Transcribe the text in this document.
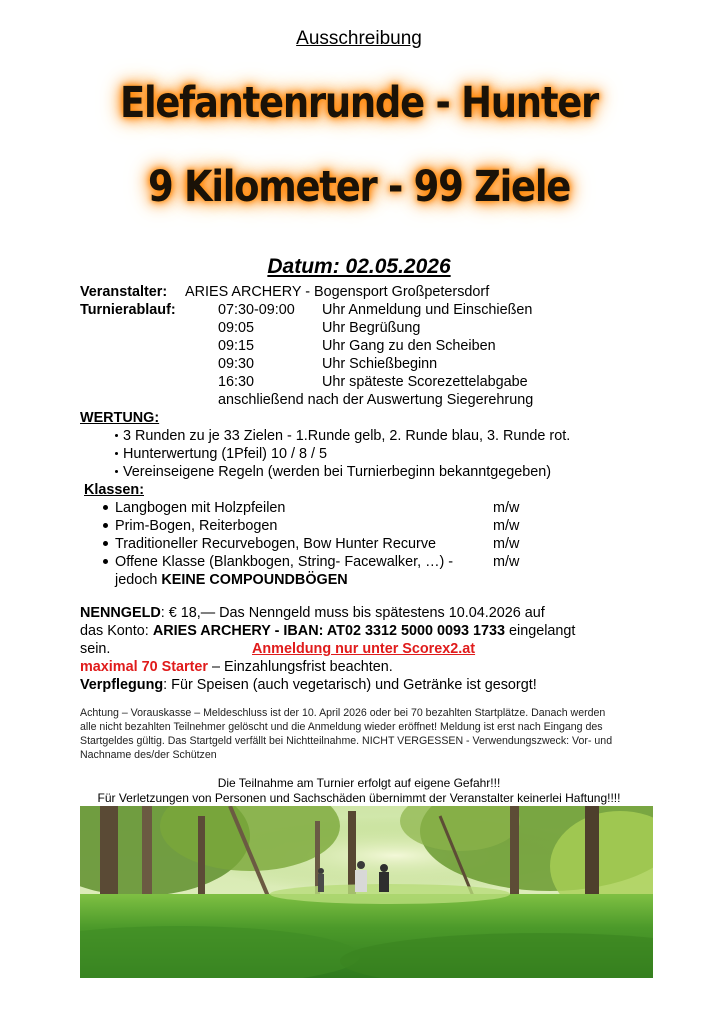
Ausschreibung
Elefantenrunde - Hunter
9 Kilometer - 99 Ziele
Datum: 02.05.2026
Veranstalter: ARIES ARCHERY - Bogensport Großpetersdorf
Turnierablauf:	07:30-09:00 Uhr Anmeldung und Einschießen
09:05	Uhr Begrüßung
09:15	Uhr Gang zu den Scheiben
09:30	Uhr Schießbeginn
16:30	Uhr späteste Scorezettelabgabe
anschließend nach der Auswertung Siegerehrung
WERTUNG:
3 Runden zu je 33 Zielen - 1.Runde gelb, 2. Runde blau, 3. Runde rot.
Hunterwertung (1Pfeil) 10 / 8 / 5
Vereinseigene Regeln (werden bei Turnierbeginn bekanntgegeben)
Klassen:
Langbogen mit Holzpfeilen	m/w
Prim-Bogen, Reiterbogen	m/w
Traditioneller Recurvebogen, Bow Hunter Recurve	m/w
Offene Klasse (Blankbogen, String- Facewalker, …) -	m/w
jedoch KEINE COMPOUNDBÖGEN
NENNGELD: € 18,— Das Nenngeld muss bis spätestens 10.04.2026 auf
das Konto: ARIES ARCHERY - IBAN: AT02 3312 5000 0093 1733 eingelangt
sein.	Anmeldung nur unter Scorex2.at
maximal 70 Starter – Einzahlungsfrist beachten.
Verpflegung: Für Speisen (auch vegetarisch) und Getränke ist gesorgt!
Achtung – Vorauskasse – Meldeschluss ist der 10. April 2026 oder bei 70 bezahlten Startplätze. Danach werden
alle nicht bezahlten Teilnehmer gelöscht und die Anmeldung wieder eröffnet! Meldung ist erst nach Eingang des
Startgeldes gültig. Das Startgeld verfällt bei Nichtteilnahme. NICHT VERGESSEN - Verwendungszweck: Vor- und
Nachname des/der Schützen
Die Teilnahme am Turnier erfolgt auf eigene Gefahr!!!
Für Verletzungen von Personen und Sachschäden übernimmt der Veranstalter keinerlei Haftung!!!!
